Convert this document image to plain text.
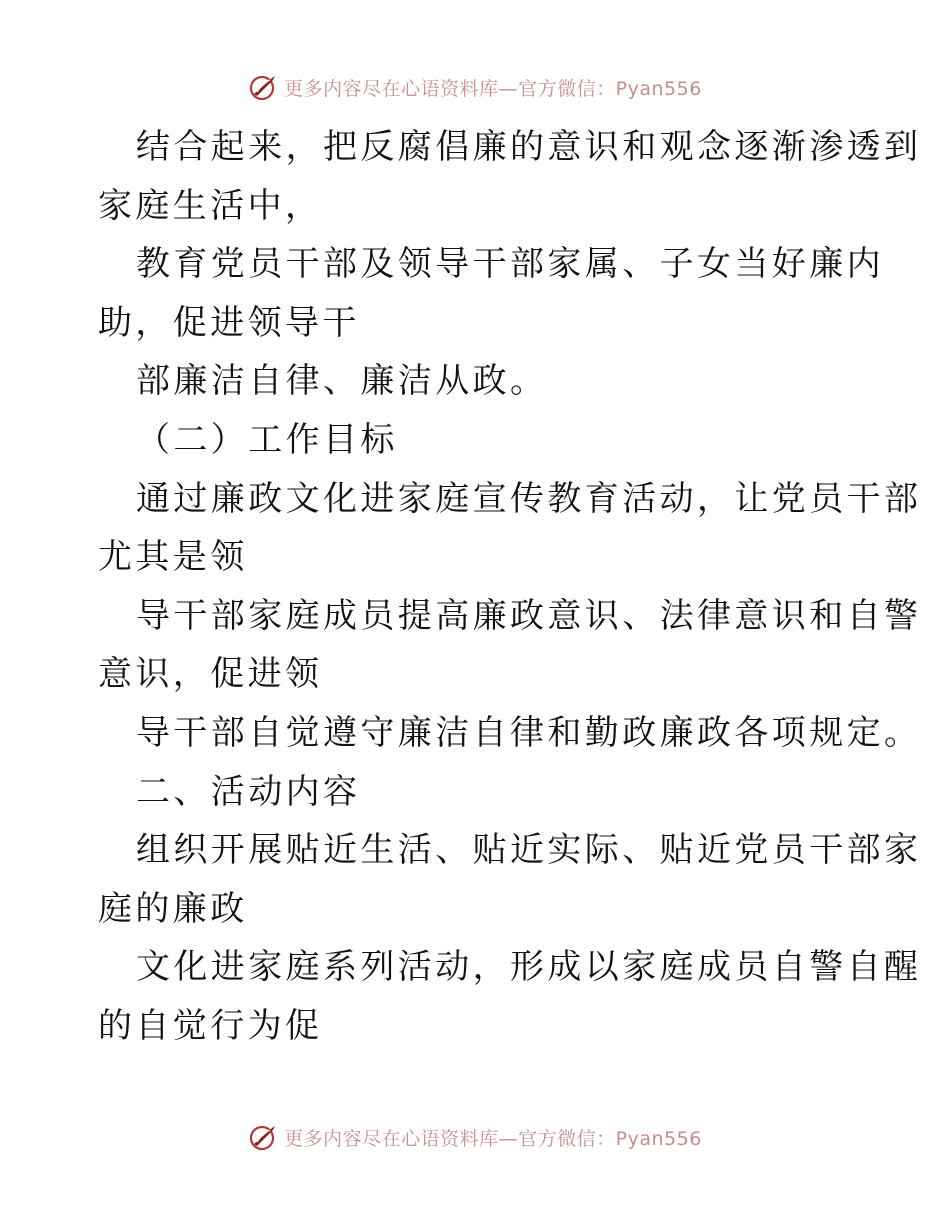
更多内容尽在心语资料库—官方微信：Pyan556
结合起来，把反腐倡廉的意识和观念逐渐渗透到
家庭生活中，
教育党员干部及领导干部家属、子女当好廉内
助，促进领导干
部廉洁自律、廉洁从政。
（二）工作目标
通过廉政文化进家庭宣传教育活动，让党员干部
尤其是领
导干部家庭成员提高廉政意识、法律意识和自警
意识，促进领
导干部自觉遵守廉洁自律和勤政廉政各项规定。
二、活动内容
组织开展贴近生活、贴近实际、贴近党员干部家
庭的廉政
文化进家庭系列活动，形成以家庭成员自警自醒
的自觉行为促
更多内容尽在心语资料库—官方微信：Pyan556
